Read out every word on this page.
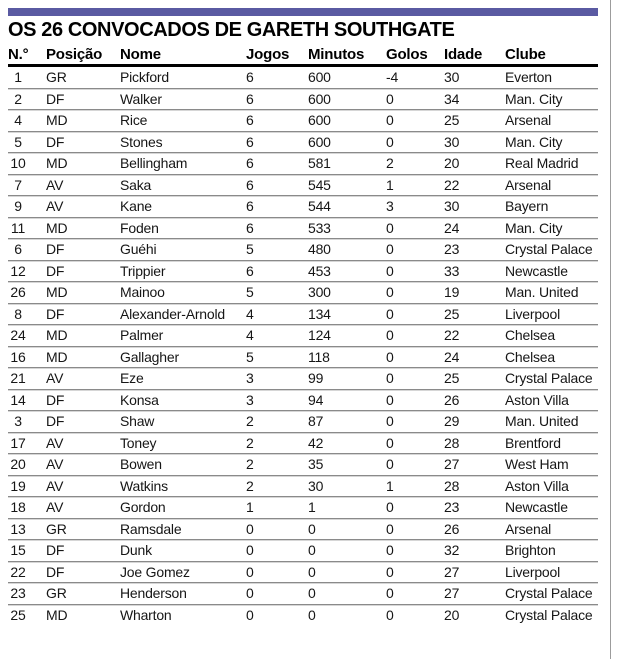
OS 26 CONVOCADOS DE GARETH SOUTHGATE
N.°	Posição	Nome	Jogos	Minutos	Golos	Idade	Clube
1	GR	Pickford	6	600	-4	30	Everton
2	DF	Walker	6	600	0	34	Man. City
4	MD	Rice	6	600	0	25	Arsenal
5	DF	Stones	6	600	0	30	Man. City
10	MD	Bellingham	6	581	2	20	Real Madrid
7	AV	Saka	6	545	1	22	Arsenal
9	AV	Kane	6	544	3	30	Bayern
11	MD	Foden	6	533	0	24	Man. City
6	DF	Guéhi	5	480	0	23	Crystal Palace
12	DF	Trippier	6	453	0	33	Newcastle
26	MD	Mainoo	5	300	0	19	Man. United
8	DF	Alexander-Arnold	4	134	0	25	Liverpool
24	MD	Palmer	4	124	0	22	Chelsea
16	MD	Gallagher	5	118	0	24	Chelsea
21	AV	Eze	3	99	0	25	Crystal Palace
14	DF	Konsa	3	94	0	26	Aston Villa
3	DF	Shaw	2	87	0	29	Man. United
17	AV	Toney	2	42	0	28	Brentford
20	AV	Bowen	2	35	0	27	West Ham
19	AV	Watkins	2	30	1	28	Aston Villa
18	AV	Gordon	1	1	0	23	Newcastle
13	GR	Ramsdale	0	0	0	26	Arsenal
15	DF	Dunk	0	0	0	32	Brighton
22	DF	Joe Gomez	0	0	0	27	Liverpool
23	GR	Henderson	0	0	0	27	Crystal Palace
25	MD	Wharton	0	0	0	20	Crystal Palace
